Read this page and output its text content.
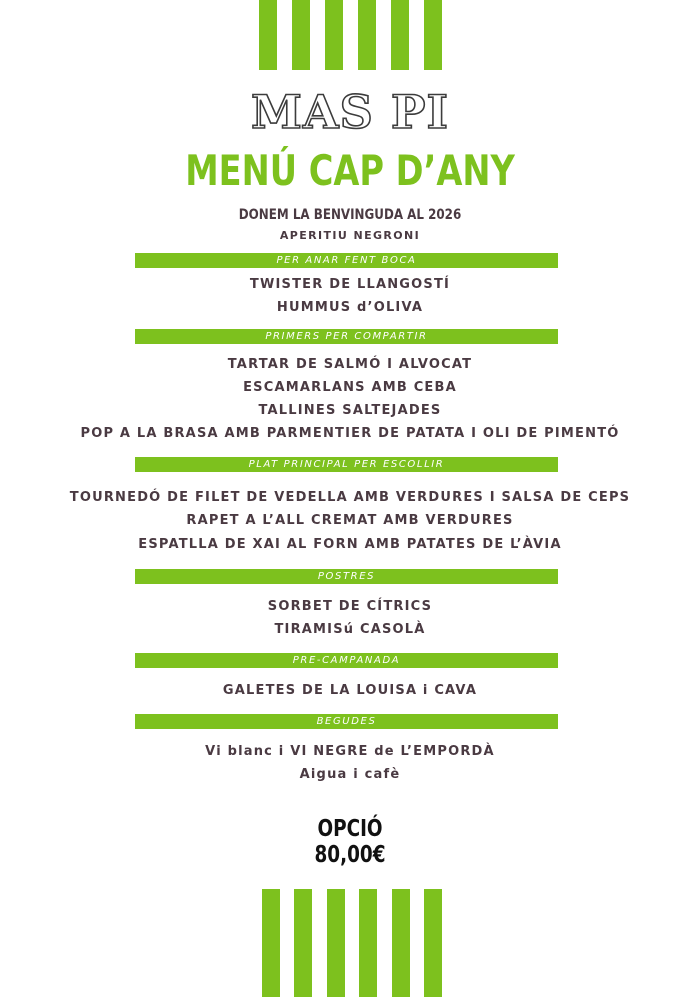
MAS PI
MENÚ CAP D’ANY
DONEM LA BENVINGUDA AL 2026
APERITIU NEGRONI
PER ANAR FENT BOCA
TWISTER DE LLANGOSTÍ
HUMMUS d’OLIVA
PRIMERS PER COMPARTIR
TARTAR DE SALMÓ I ALVOCAT
ESCAMARLANS AMB CEBA
TALLINES SALTEJADES
POP A LA BRASA AMB PARMENTIER DE PATATA I OLI DE PIMENTÓ
PLAT PRINCIPAL PER ESCOLLIR
TOURNEDÓ DE FILET DE VEDELLA AMB VERDURES I SALSA DE CEPS
RAPET A L’ALL CREMAT AMB VERDURES
ESPATLLA DE XAI AL FORN AMB PATATES DE L’ÀVIA
POSTRES
SORBET DE CÍTRICS
TIRAMISú CASOLÀ
PRE-CAMPANADA
GALETES DE LA LOUISA i CAVA
BEGUDES
Vi blanc i VI NEGRE de L’EMPORDÀ
Aigua i cafè
OPCIÓ
80,00€
